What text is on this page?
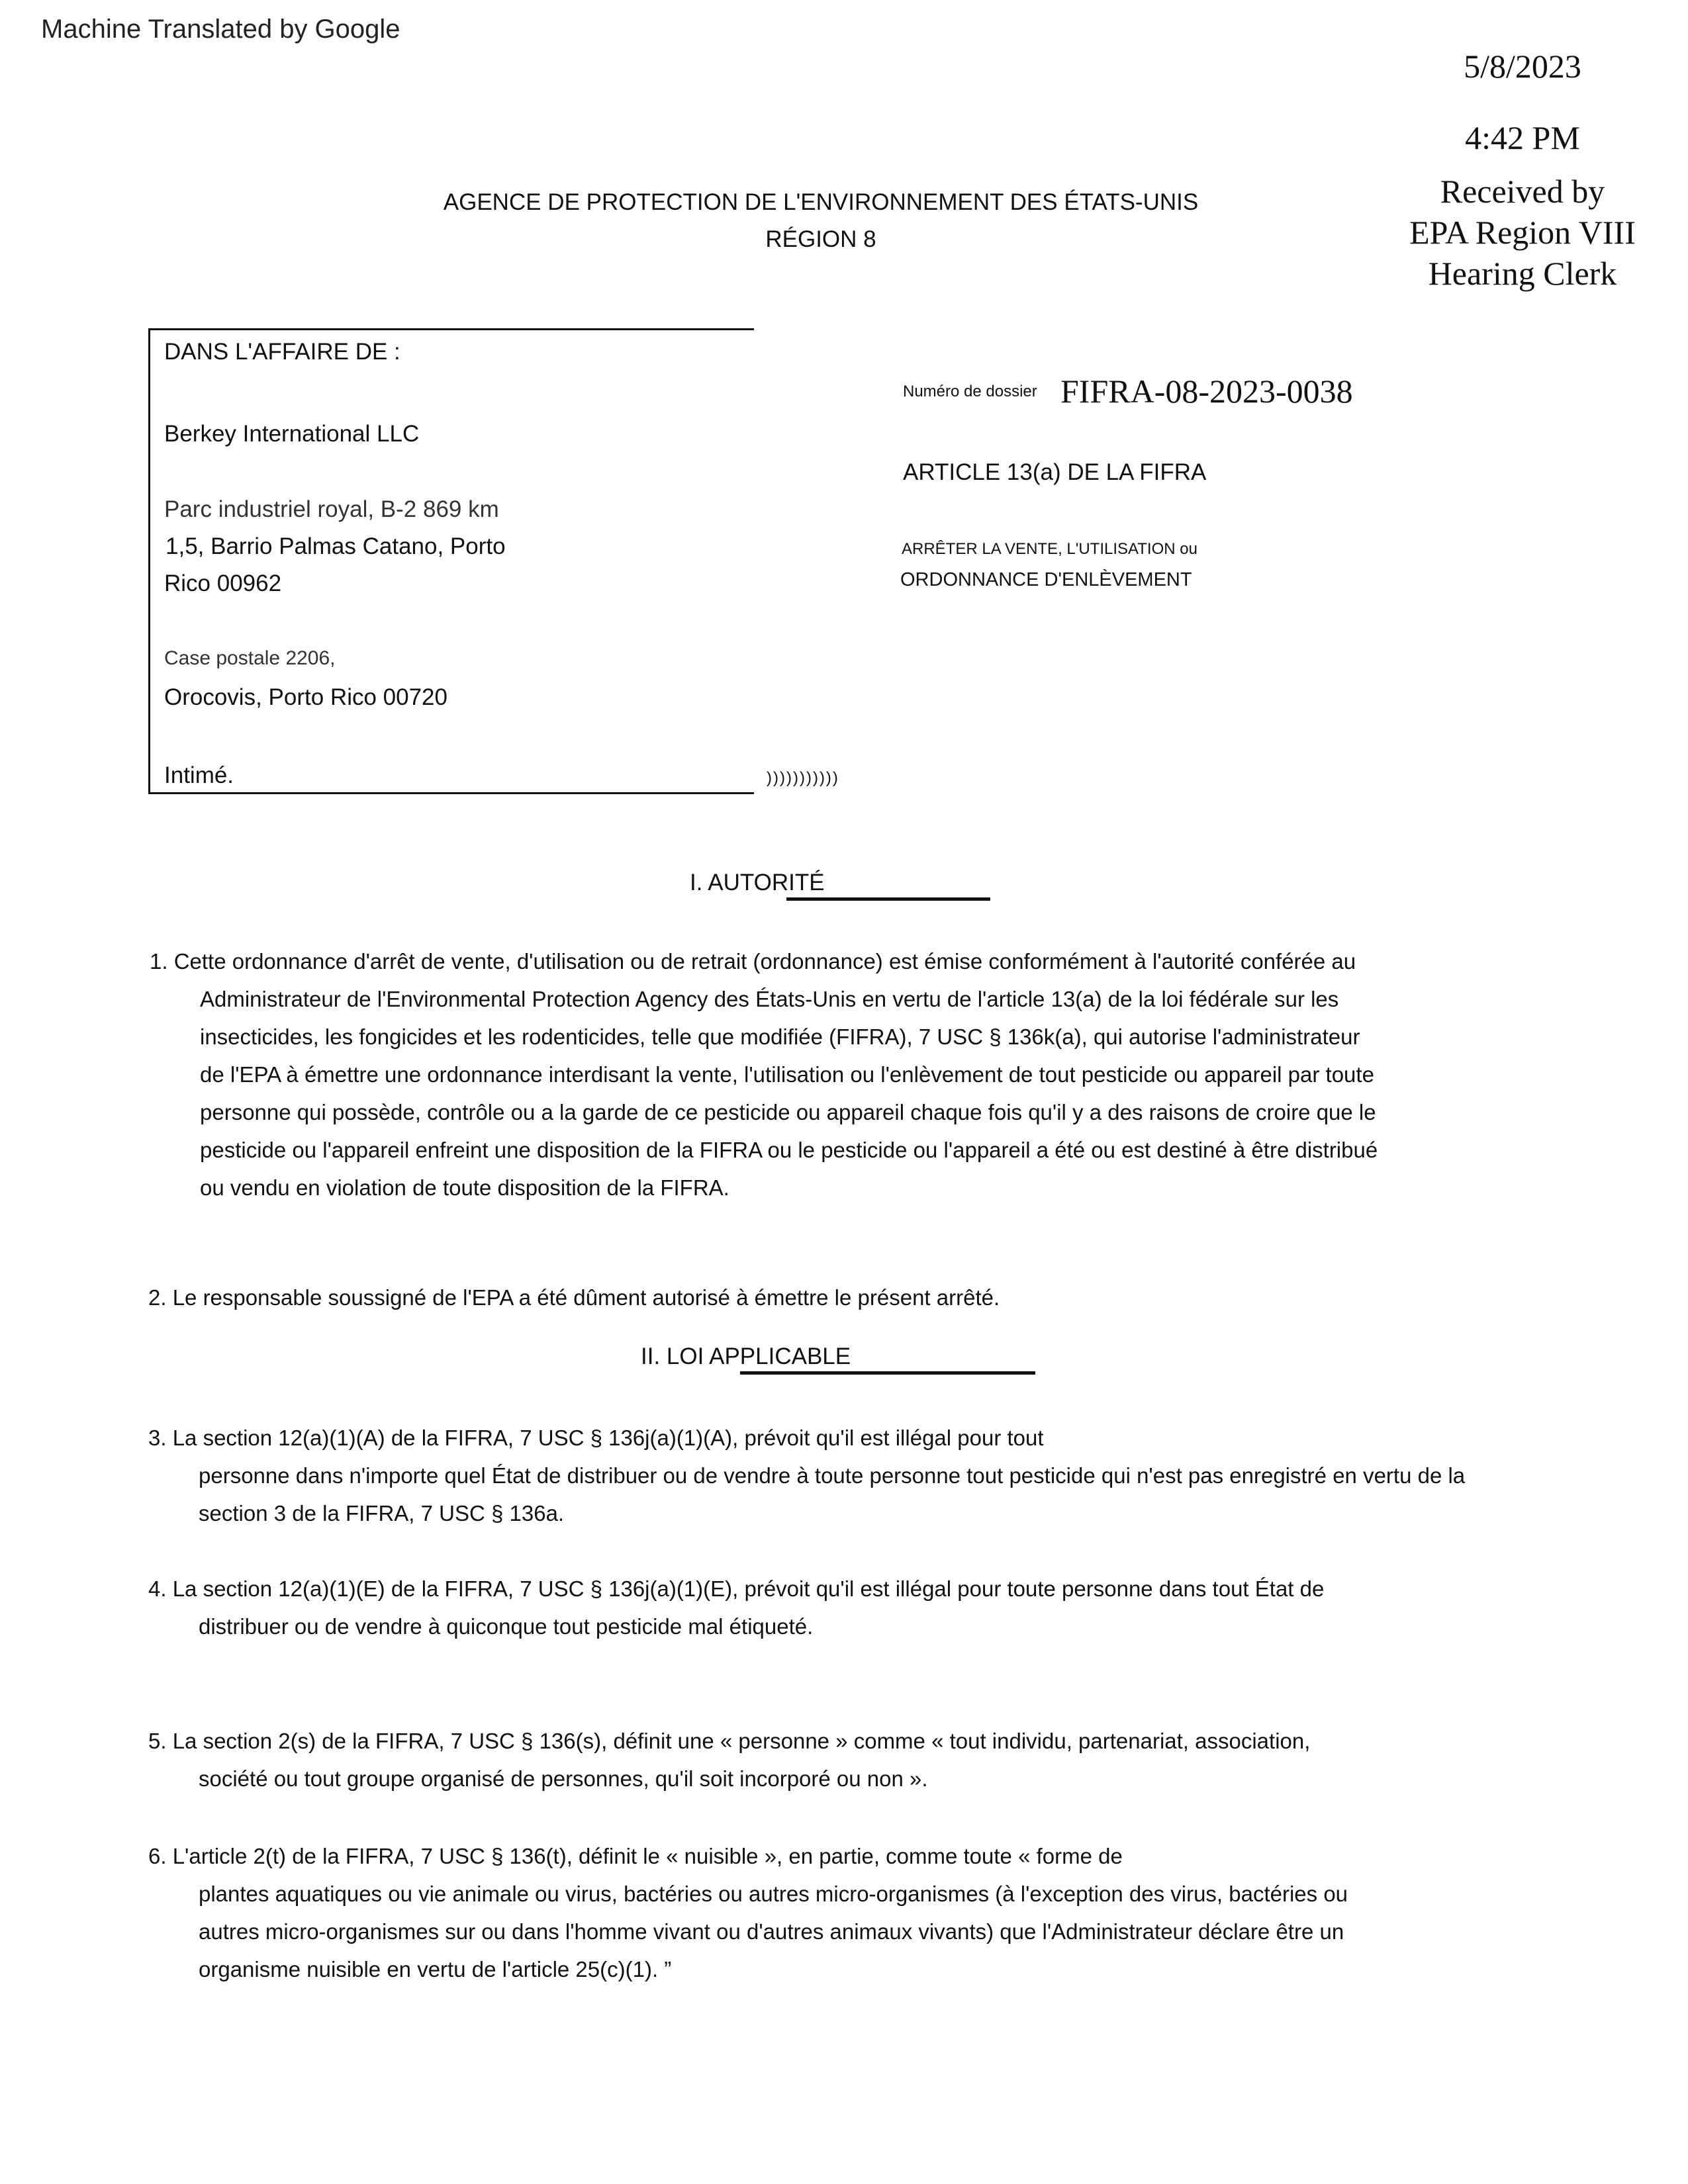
Machine Translated by Google
5/8/2023
4:42 PM
Received by
EPA Region VIII
Hearing Clerk
AGENCE DE PROTECTION DE L'ENVIRONNEMENT DES ÉTATS-UNIS
RÉGION 8
DANS L'AFFAIRE DE :
Berkey International LLC
Parc industriel royal, B-2 869 km
1,5, Barrio Palmas Catano, Porto
Rico 00962
Case postale 2206,
Orocovis, Porto Rico 00720
Intimé.	)))))))))))
Numéro de dossier FIFRA-08-2023-0038
ARTICLE 13(a) DE LA FIFRA
ARRÊTER LA VENTE, L'UTILISATION ou
ORDONNANCE D'ENLÈVEMENT
I. AUTORITÉ
1. Cette ordonnance d'arrêt de vente, d'utilisation ou de retrait (ordonnance) est émise conformément à l'autorité conférée au
Administrateur de l'Environmental Protection Agency des États-Unis en vertu de l'article 13(a) de la loi fédérale sur les
insecticides, les fongicides et les rodenticides, telle que modifiée (FIFRA), 7 USC § 136k(a), qui autorise l'administrateur
de l'EPA à émettre une ordonnance interdisant la vente, l'utilisation ou l'enlèvement de tout pesticide ou appareil par toute
personne qui possède, contrôle ou a la garde de ce pesticide ou appareil chaque fois qu'il y a des raisons de croire que le
pesticide ou l'appareil enfreint une disposition de la FIFRA ou le pesticide ou l'appareil a été ou est destiné à être distribué
ou vendu en violation de toute disposition de la FIFRA.
2. Le responsable soussigné de l'EPA a été dûment autorisé à émettre le présent arrêté.
II. LOI APPLICABLE
3. La section 12(a)(1)(A) de la FIFRA, 7 USC § 136j(a)(1)(A), prévoit qu'il est illégal pour tout
personne dans n'importe quel État de distribuer ou de vendre à toute personne tout pesticide qui n'est pas enregistré en vertu de la
section 3 de la FIFRA, 7 USC § 136a.
4. La section 12(a)(1)(E) de la FIFRA, 7 USC § 136j(a)(1)(E), prévoit qu'il est illégal pour toute personne dans tout État de
distribuer ou de vendre à quiconque tout pesticide mal étiqueté.
5. La section 2(s) de la FIFRA, 7 USC § 136(s), définit une « personne » comme « tout individu, partenariat, association,
société ou tout groupe organisé de personnes, qu'il soit incorporé ou non ».
6. L'article 2(t) de la FIFRA, 7 USC § 136(t), définit le « nuisible », en partie, comme toute « forme de
plantes aquatiques ou vie animale ou virus, bactéries ou autres micro-organismes (à l'exception des virus, bactéries ou
autres micro-organismes sur ou dans l'homme vivant ou d'autres animaux vivants) que l'Administrateur déclare être un
organisme nuisible en vertu de l'article 25(c)(1). ”
